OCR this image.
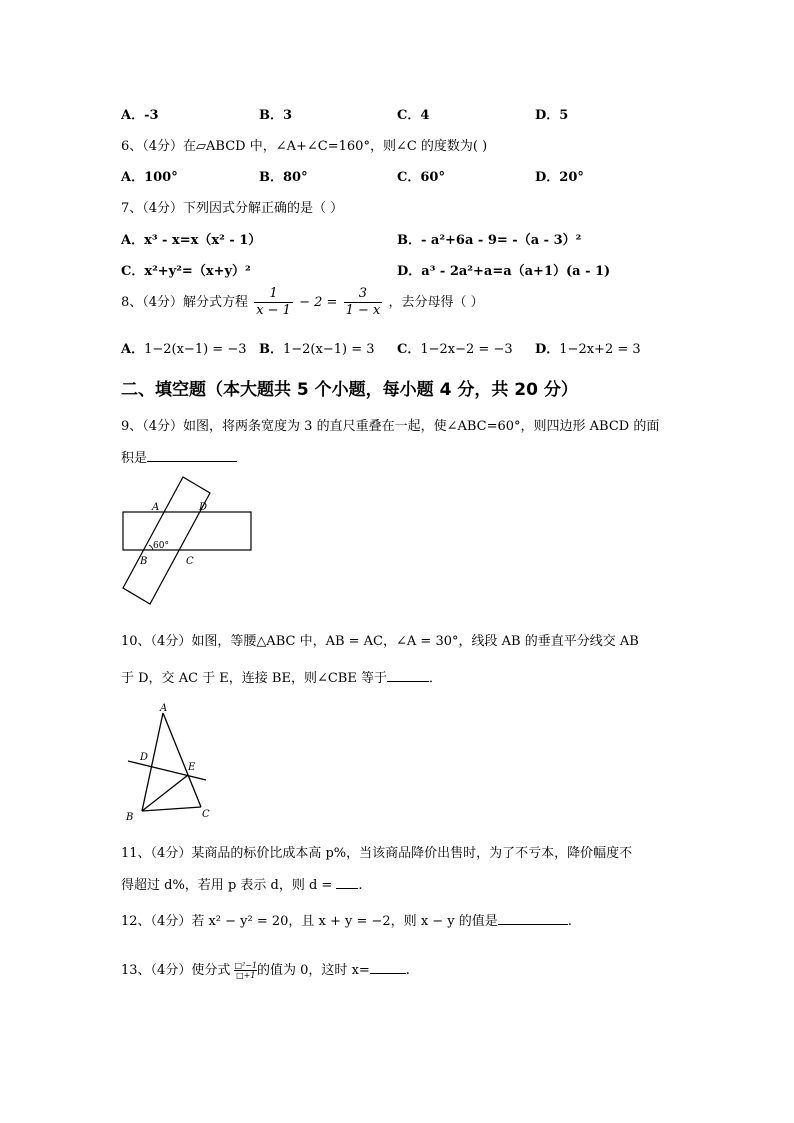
A．-3	B．3	C．4	D．5
6、（4分）在▱ABCD 中，∠A+∠C=160°，则∠C 的度数为( )
A．100°	B．80°	C．60°	D．20°
7、（4分）下列因式分解正确的是（ ）
A．x³ - x=x（x² - 1）	B．- a²+6a - 9= -（a - 3）²
C．x²+y²=（x+y）²	D．a³ - 2a²+a=a（a+1）(a - 1)
8、（4分）解分式方程 $\frac{1}{x - 1} - 2 = \frac{3}{1 - x}$ ，去分母得（ ）
A．1−2(x−1) = −3 B．1−2(x−1) = 3 C．1−2x−2 = −3 D．1−2x+2 = 3
二、填空题（本大题共 5 个小题，每小题 4 分，共 20 分）
9、（4分）如图，将两条宽度为 3 的直尺重叠在一起，使∠ABC=60°，则四边形 ABCD 的面
积是
A	D
B	C
60°
10、（4分）如图，等腰△ABC 中，AB = AC，∠A = 30°，线段 AB 的垂直平分线交 AB
于 D，交 AC 于 E，连接 BE，则∠CBE 等于	．
A
D
E
B	C
11、（4分）某商品的标价比成本高 p%，当该商品降价出售时，为了不亏本，降价幅度不
得超过 d%，若用 p 表示 d，则 d = .
12、（4分）若 x² − y² = 20，且 x + y = −2，则 x − y 的值是	.
13、（4分）使分式 $\frac{\text{□²−1}}{□+1}$ 的值为 0，这时 x=	.
